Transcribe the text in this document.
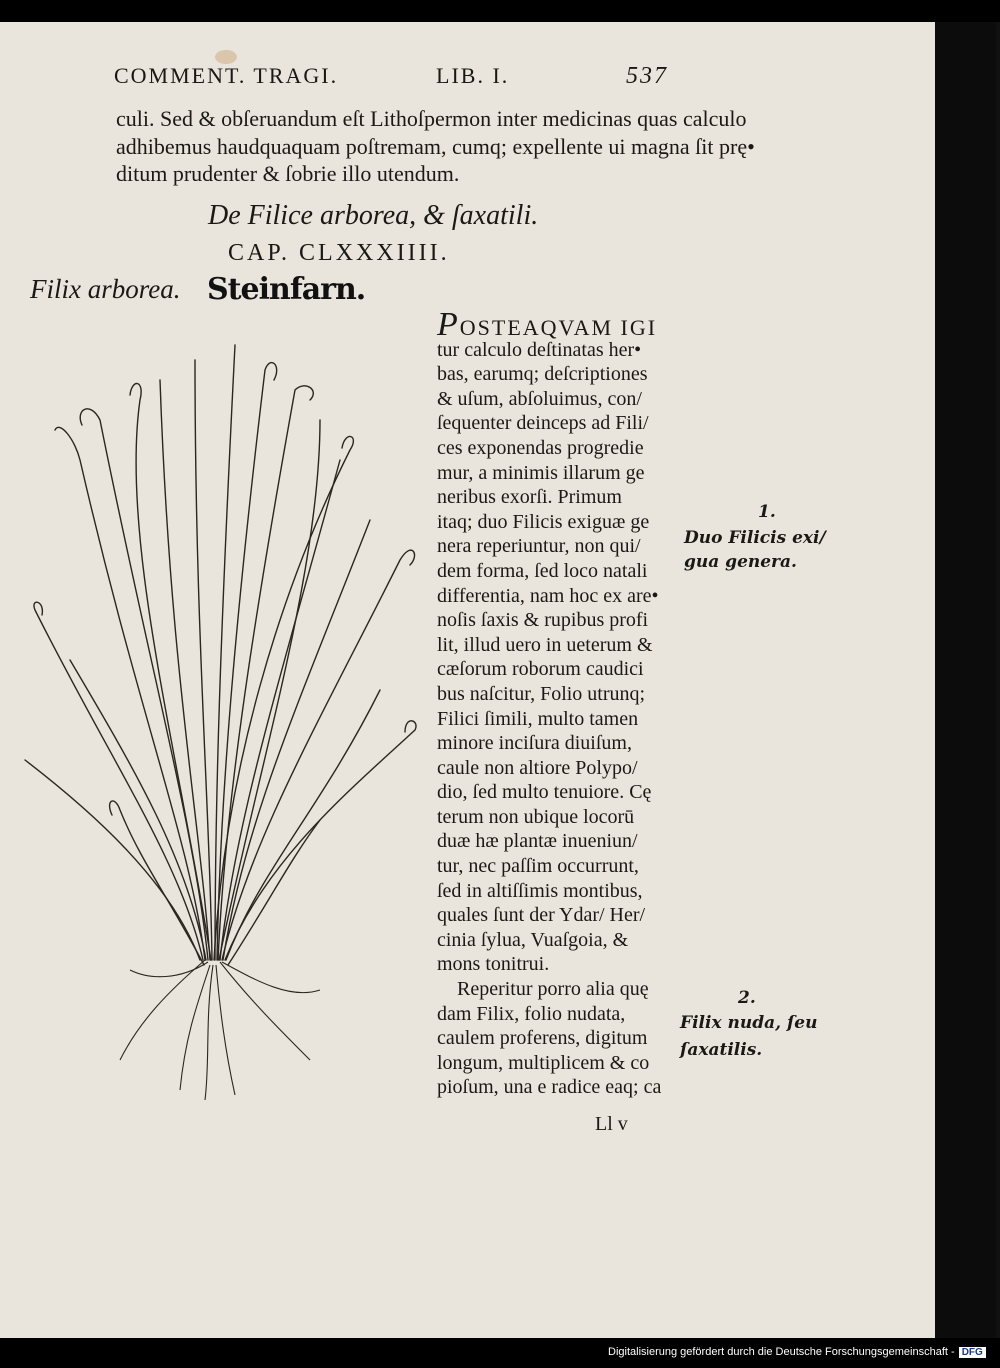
COMMENT. TRAGI.	LIB. I.	537
culi. Sed & obſeruandum eſt Lithoſpermon inter medicinas quas calculo
adhibemus haudquaquam poſtremam, cumq; expellente ui magna ſit prę•
ditum prudenter & ſobrie illo utendum.
De Filice arborea, & ſaxatili.
CAP. CLXXXIIII.
Filix arborea. Steinfarn.
POSTEAQVAM IGI
tur calculo deſtinatas her•
bas, earumq; deſcriptiones
& uſum, abſoluimus, con/
ſequenter deinceps ad Fili/
ces exponendas progredie
mur, a minimis illarum ge
neribus exorſi. Primum
itaq; duo Filicis exiguæ ge
nera reperiuntur, non qui/
dem forma, ſed loco natali
differentia, nam hoc ex are•
noſis ſaxis & rupibus profi
lit, illud uero in ueterum &
cæſorum roborum caudici
bus naſcitur, Folio utrunq;
Filici ſimili, multo tamen
minore inciſura diuiſum,
caule non altiore Polypo/
dio, ſed multo tenuiore. Cę
terum non ubique locorū
duæ hæ plantæ inueniun/
tur, nec paſſim occurrunt,
ſed in altiſſimis montibus,
quales ſunt der Ydar/ Her/
cinia ſylua, Vuaſgoia, &
mons tonitrui.
Reperitur porro alia quę
dam Filix, folio nudata,
caulem proferens, digitum
longum, multiplicem & co
pioſum, una e radice eaq; ca
1.
Duo Filicis exi/
gua genera.
2.
Filix nuda, ſeu
ſaxatilis.
Ll v
Digitalisierung gefördert durch die Deutsche Forschungsgemeinschaft - DFG
